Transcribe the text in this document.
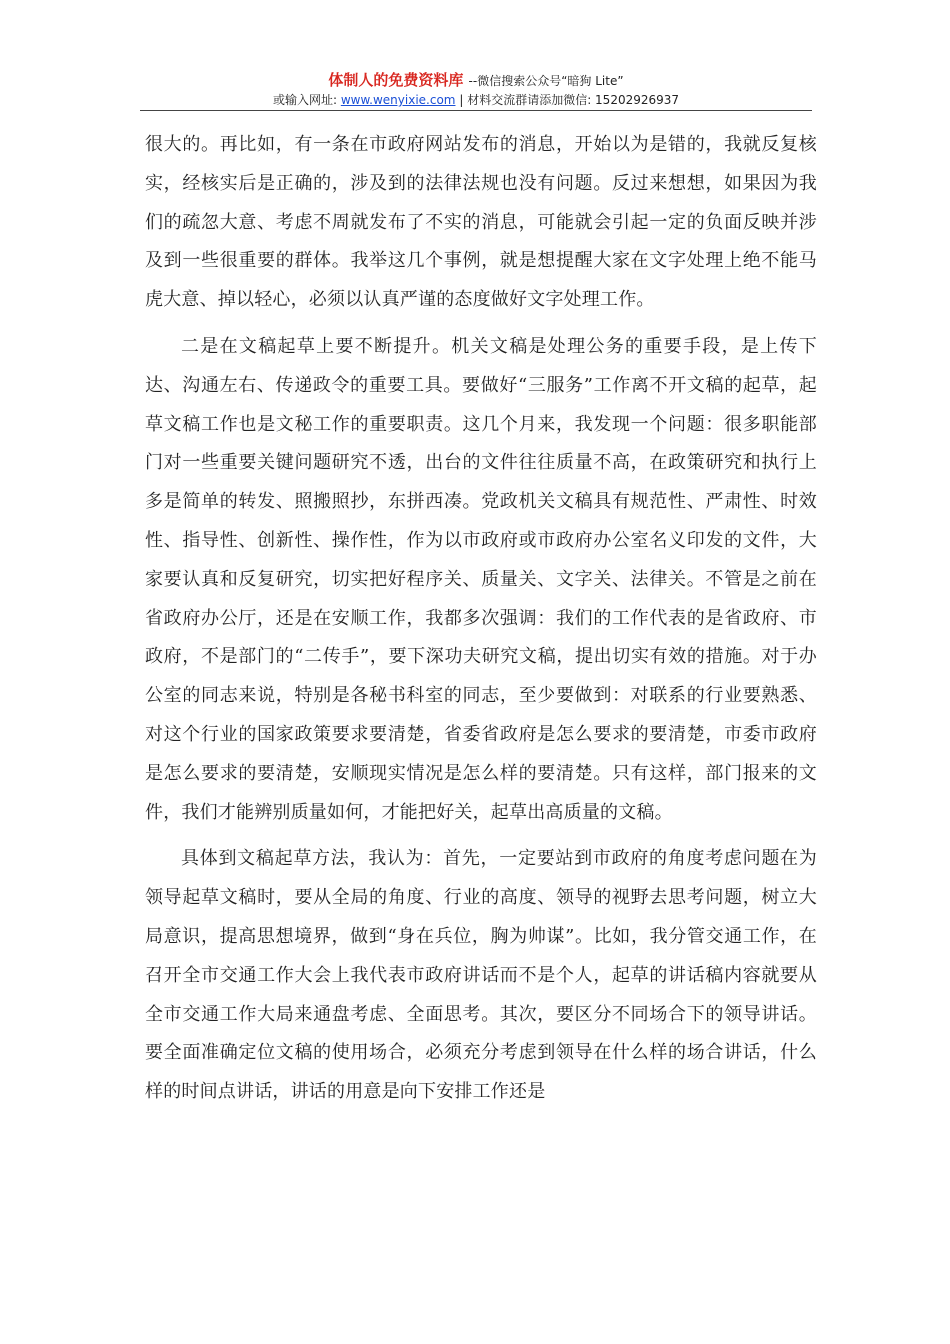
体制人的免费资料库 --微信搜索公众号“暗狗 Lite”
或输入网址: www.wenyixie.com | 材料交流群请添加微信: 15202926937

很大的。再比如，有一条在市政府网站发布的消息，开始以为是错的，我就反复核实，经核实后是正确的，涉及到的法律法规也没有问题。反过来想想，如果因为我们的疏忽大意、考虑不周就发布了不实的消息，可能就会引起一定的负面反映并涉及到一些很重要的群体。我举这几个事例，就是想提醒大家在文字处理上绝不能马虎大意、掉以轻心，必须以认真严谨的态度做好文字处理工作。

二是在文稿起草上要不断提升。机关文稿是处理公务的重要手段，是上传下达、沟通左右、传递政令的重要工具。要做好“三服务”工作离不开文稿的起草，起草文稿工作也是文秘工作的重要职责。这几个月来，我发现一个问题：很多职能部门对一些重要关键问题研究不透，出台的文件往往质量不高，在政策研究和执行上多是简单的转发、照搬照抄，东拼西凑。党政机关文稿具有规范性、严肃性、时效性、指导性、创新性、操作性，作为以市政府或市政府办公室名义印发的文件，大家要认真和反复研究，切实把好程序关、质量关、文字关、法律关。不管是之前在省政府办公厅，还是在安顺工作，我都多次强调：我们的工作代表的是省政府、市政府，不是部门的“二传手”，要下深功夫研究文稿，提出切实有效的措施。对于办公室的同志来说，特别是各秘书科室的同志，至少要做到：对联系的行业要熟悉、对这个行业的国家政策要求要清楚，省委省政府是怎么要求的要清楚，市委市政府是怎么要求的要清楚，安顺现实情况是怎么样的要清楚。只有这样，部门报来的文件，我们才能辨别质量如何，才能把好关，起草出高质量的文稿。

具体到文稿起草方法，我认为：首先，一定要站到市政府的角度考虑问题在为领导起草文稿时，要从全局的角度、行业的高度、领导的视野去思考问题，树立大局意识，提高思想境界，做到“身在兵位，胸为帅谋”。比如，我分管交通工作，在召开全市交通工作大会上我代表市政府讲话而不是个人，起草的讲话稿内容就要从全市交通工作大局来通盘考虑、全面思考。其次，要区分不同场合下的领导讲话。要全面准确定位文稿的使用场合，必须充分考虑到领导在什么样的场合讲话，什么样的时间点讲话，讲话的用意是向下安排工作还是
